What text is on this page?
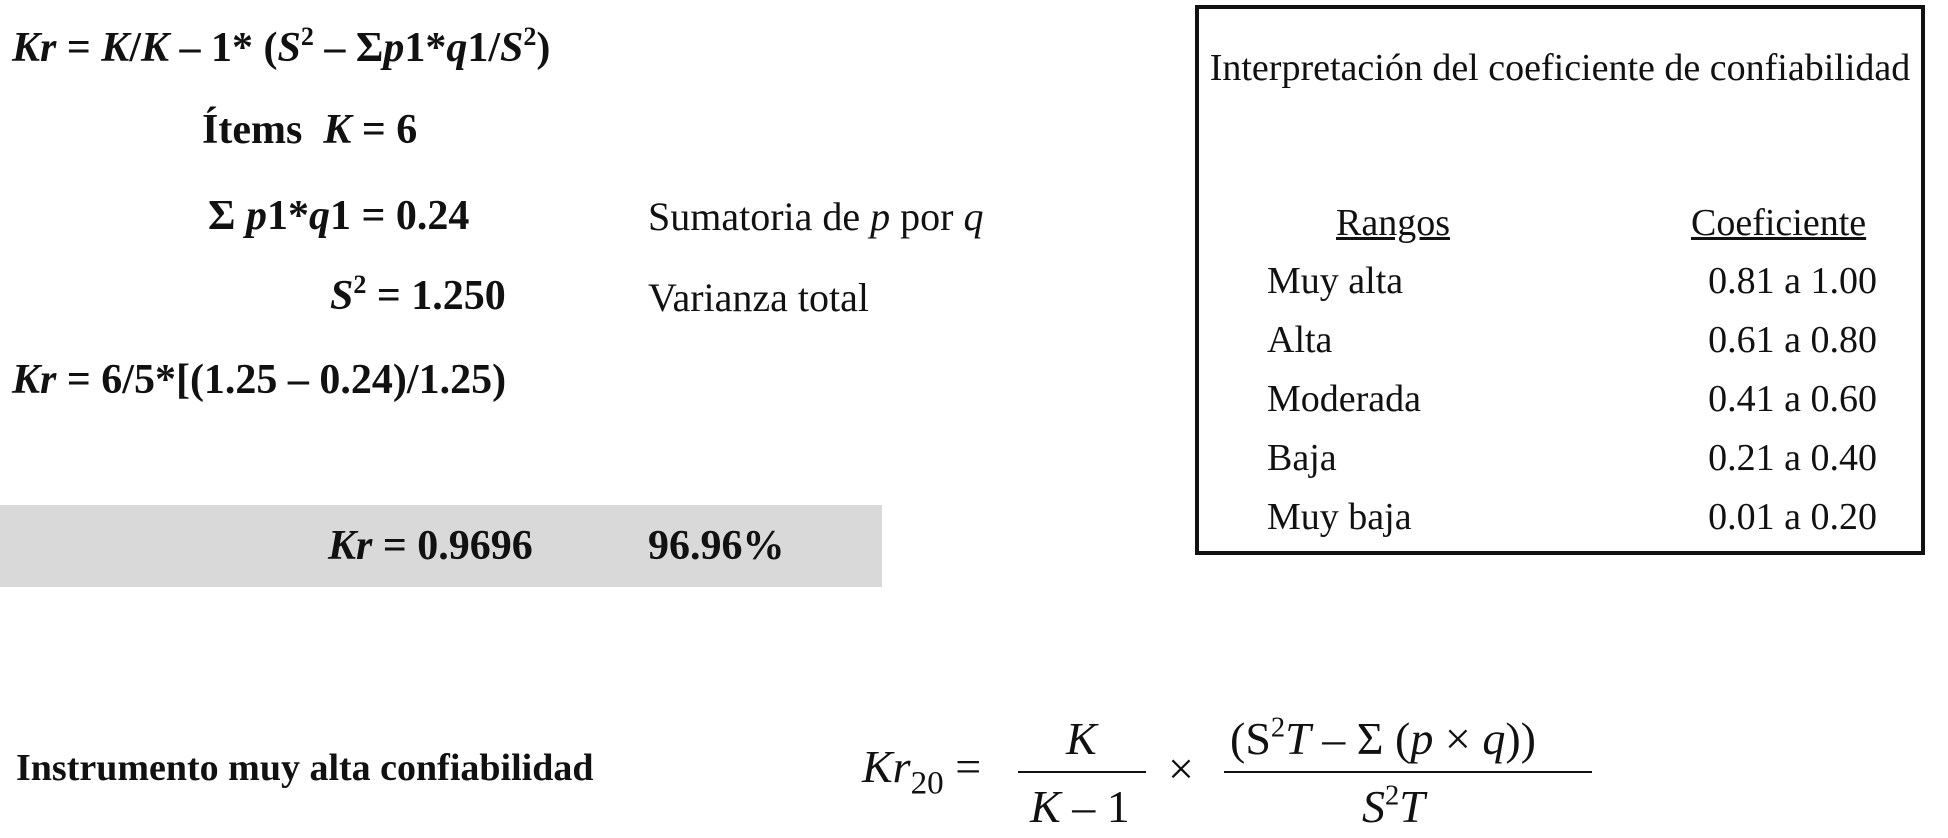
Kr = K/K – 1* $(S^2 - \Sigma p1*q1/S^2)$
Ítems K = 6
Σ p1*q1 = 0.24	Sumatoria de p por q
$S^2 = 1.250$	Varianza total
Kr = 6/5*[(1.25 – 0.24)/1.25)
Kr = 0.9696	96.96%
Interpretación del coeficiente de confiabilidad
Rangos	Coeficiente
Muy alta	0.81 a 1.00
Alta	0.61 a 0.80
Moderada	0.41 a 0.60
Baja	0.21 a 0.40
Muy baja	0.01 a 0.20
Instrumento muy alta confiabilidad	$Kr_{20}$ =
K
K – 1
×
($S^2T$ – Σ (p × q))
$S^2T$
